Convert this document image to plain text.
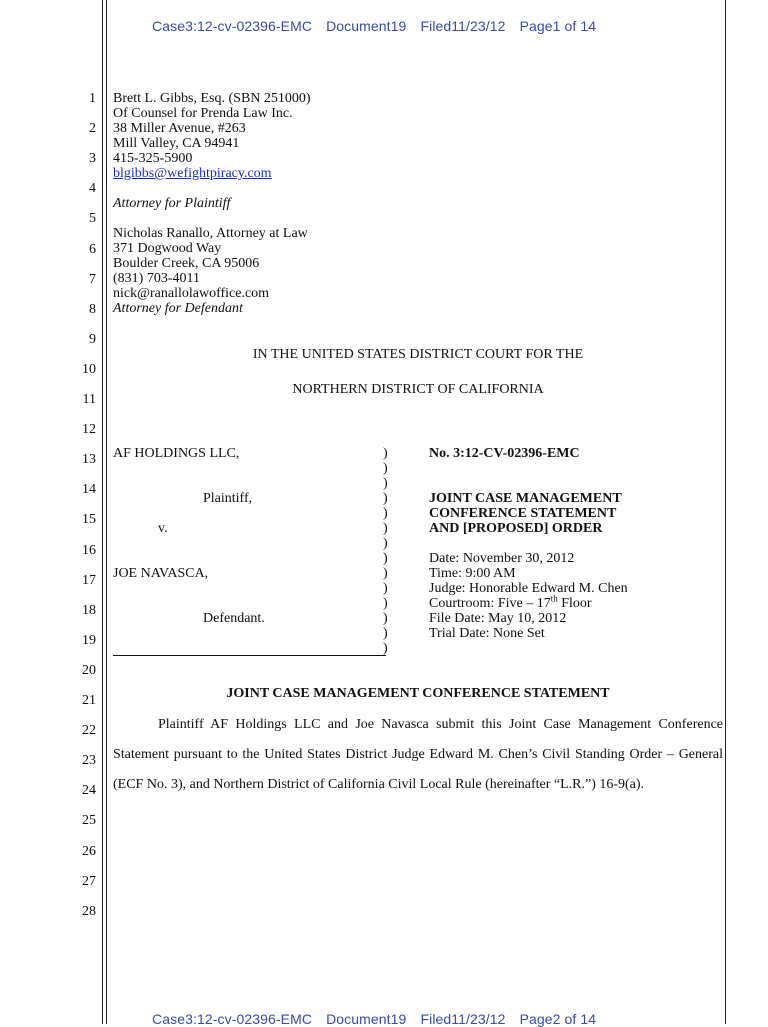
Case3:12-cv-02396-EMC Document19 Filed11/23/12 Page1 of 14
1
2
3
4
5
6
7
8
9
10
11
12
13
14
15
16
17
18
19
20
21
22
23
24
25
26
27
28
Brett L. Gibbs, Esq. (SBN 251000)
Of Counsel for Prenda Law Inc.
38 Miller Avenue, #263
Mill Valley, CA 94941
415-325-5900
blgibbs@wefightpiracy.com
Attorney for Plaintiff
Nicholas Ranallo, Attorney at Law
371 Dogwood Way
Boulder Creek, CA 95006
(831) 703-4011
nick@ranallolawoffice.com
Attorney for Defendant
IN THE UNITED STATES DISTRICT COURT FOR THE
NORTHERN DISTRICT OF CALIFORNIA
AF HOLDINGS LLC,
Plaintiff,
v.
JOE NAVASCA,
Defendant.
)
)
)
)
)
)
)
)
)
)
)
)
)
)
No. 3:12-CV-02396-EMC
JOINT CASE MANAGEMENT
CONFERENCE STATEMENT
AND [PROPOSED] ORDER
Date: November 30, 2012
Time: 9:00 AM
Judge: Honorable Edward M. Chen
Courtroom: Five – 17th Floor
File Date: May 10, 2012
Trial Date: None Set
JOINT CASE MANAGEMENT CONFERENCE STATEMENT
Plaintiff AF Holdings LLC and Joe Navasca submit this Joint Case Management Conference Statement pursuant to the United States District Judge Edward M. Chen’s Civil Standing Order – General (ECF No. 3), and Northern District of California Civil Local Rule (hereinafter “L.R.”) 16-9(a).
Case3:12-cv-02396-EMC Document19 Filed11/23/12 Page2 of 14
